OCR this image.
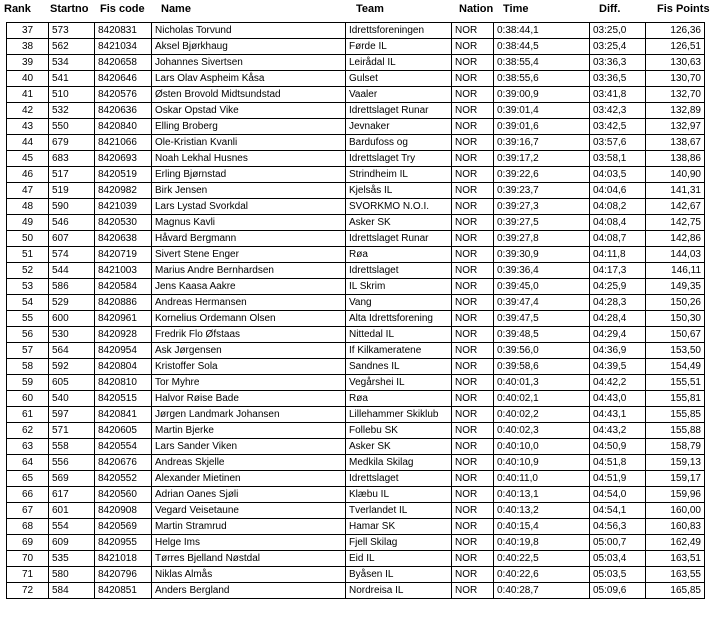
Rank Startno Fis code Name	Team	Nation Time	Diff.	Fis Points
37	573	8420831	Nicholas Torvund	Idrettsforeningen	NOR	0:38:44,1	03:25,0	126,36
38	562	8421034	Aksel Bjørkhaug	Førde IL	NOR	0:38:44,5	03:25,4	126,51
39	534	8420658	Johannes Sivertsen	Leirådal IL	NOR	0:38:55,4	03:36,3	130,63
40	541	8420646	Lars Olav Aspheim Kåsa	Gulset	NOR	0:38:55,6	03:36,5	130,70
41	510	8420576	Østen Brovold Midtsundstad	Vaaler	NOR	0:39:00,9	03:41,8	132,70
42	532	8420636	Oskar Opstad Vike	Idrettslaget Runar	NOR	0:39:01,4	03:42,3	132,89
43	550	8420840	Elling Broberg	Jevnaker	NOR	0:39:01,6	03:42,5	132,97
44	679	8421066	Ole-Kristian Kvanli	Bardufoss og	NOR	0:39:16,7	03:57,6	138,67
45	683	8420693	Noah Lekhal Husnes	Idrettslaget Try	NOR	0:39:17,2	03:58,1	138,86
46	517	8420519	Erling Bjørnstad	Strindheim IL	NOR	0:39:22,6	04:03,5	140,90
47	519	8420982	Birk Jensen	Kjelsås IL	NOR	0:39:23,7	04:04,6	141,31
48	590	8421039	Lars Lystad Svorkdal	SVORKMO N.O.I.	NOR	0:39:27,3	04:08,2	142,67
49	546	8420530	Magnus Kavli	Asker SK	NOR	0:39:27,5	04:08,4	142,75
50	607	8420638	Håvard Bergmann	Idrettslaget Runar	NOR	0:39:27,8	04:08,7	142,86
51	574	8420719	Sivert Stene Enger	Røa	NOR	0:39:30,9	04:11,8	144,03
52	544	8421003	Marius Andre Bernhardsen	Idrettslaget	NOR	0:39:36,4	04:17,3	146,11
53	586	8420584	Jens Kaasa Aakre	IL Skrim	NOR	0:39:45,0	04:25,9	149,35
54	529	8420886	Andreas Hermansen	Vang	NOR	0:39:47,4	04:28,3	150,26
55	600	8420961	Kornelius Ordemann Olsen	Alta Idrettsforening	NOR	0:39:47,5	04:28,4	150,30
56	530	8420928	Fredrik Flo Øfstaas	Nittedal IL	NOR	0:39:48,5	04:29,4	150,67
57	564	8420954	Ask Jørgensen	If Kilkameratene	NOR	0:39:56,0	04:36,9	153,50
58	592	8420804	Kristoffer Sola	Sandnes IL	NOR	0:39:58,6	04:39,5	154,49
59	605	8420810	Tor Myhre	Vegårshei IL	NOR	0:40:01,3	04:42,2	155,51
60	540	8420515	Halvor Røise Bade	Røa	NOR	0:40:02,1	04:43,0	155,81
61	597	8420841	Jørgen Landmark Johansen	Lillehammer Skiklub	NOR	0:40:02,2	04:43,1	155,85
62	571	8420605	Martin Bjerke	Follebu SK	NOR	0:40:02,3	04:43,2	155,88
63	558	8420554	Lars Sander Viken	Asker SK	NOR	0:40:10,0	04:50,9	158,79
64	556	8420676	Andreas Skjelle	Medkila Skilag	NOR	0:40:10,9	04:51,8	159,13
65	569	8420552	Alexander Mietinen	Idrettslaget	NOR	0:40:11,0	04:51,9	159,17
66	617	8420560	Adrian Oanes Sjøli	Klæbu IL	NOR	0:40:13,1	04:54,0	159,96
67	601	8420908	Vegard Veisetaune	Tverlandet IL	NOR	0:40:13,2	04:54,1	160,00
68	554	8420569	Martin Stramrud	Hamar SK	NOR	0:40:15,4	04:56,3	160,83
69	609	8420955	Helge Ims	Fjell Skilag	NOR	0:40:19,8	05:00,7	162,49
70	535	8421018	Tørres Bjelland Nøstdal	Eid IL	NOR	0:40:22,5	05:03,4	163,51
71	580	8420796	Niklas Almås	Byåsen IL	NOR	0:40:22,6	05:03,5	163,55
72	584	8420851	Anders Bergland	Nordreisa IL	NOR	0:40:28,7	05:09,6	165,85
